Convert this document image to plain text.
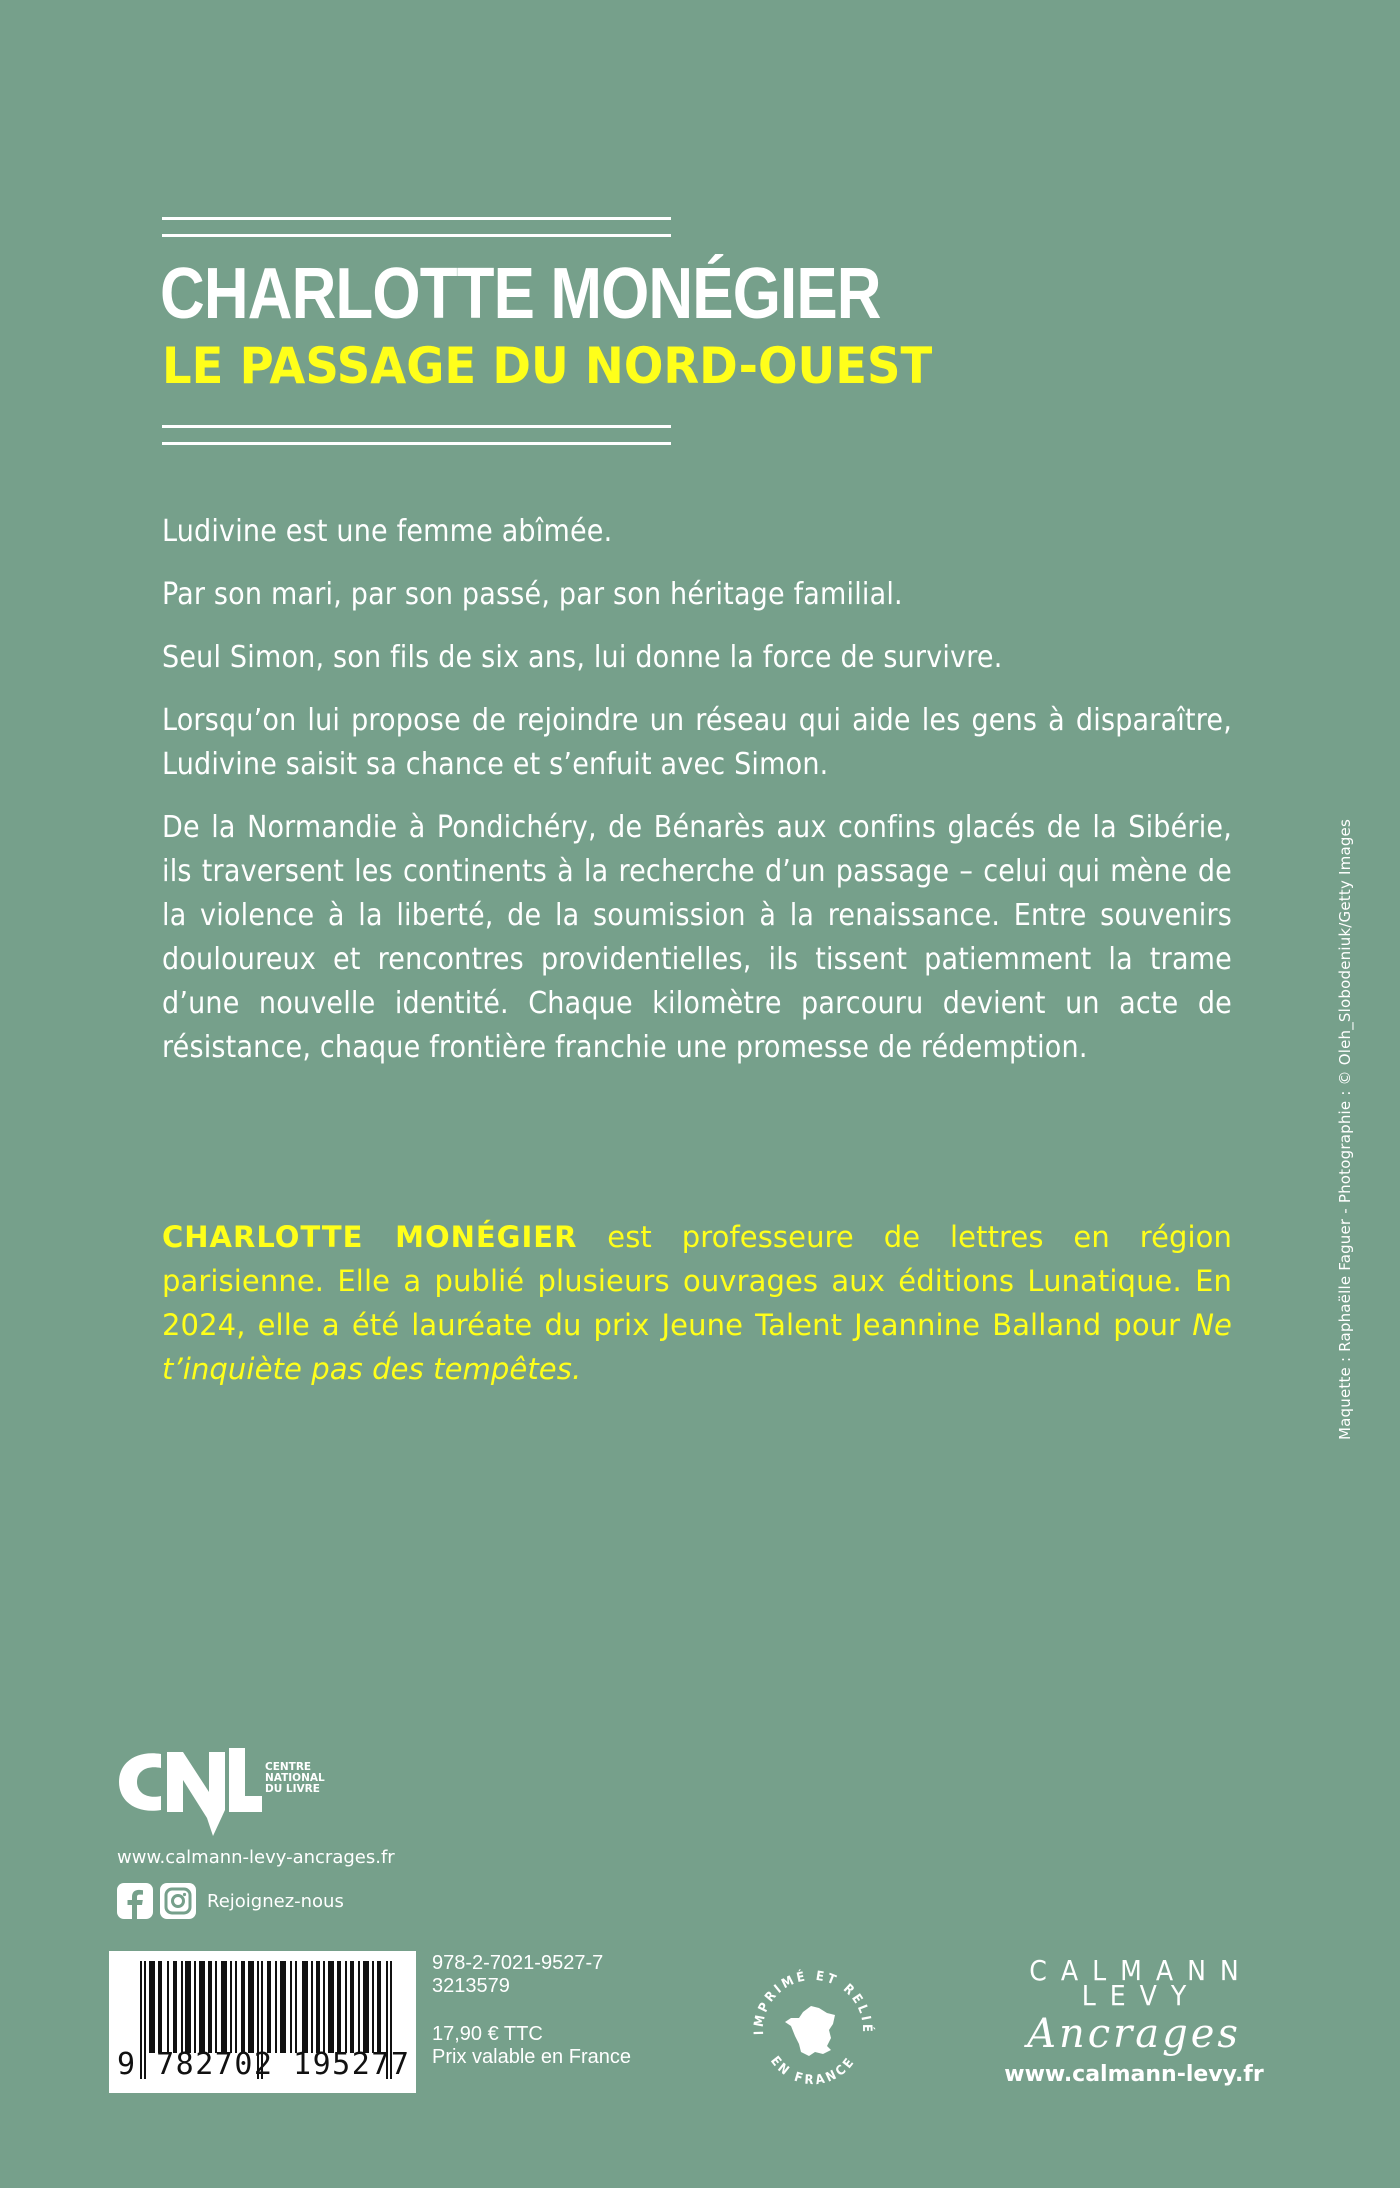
CHARLOTTE MONÉGIER
LE PASSAGE DU NORD-OUEST

Ludivine est une femme abîmée.

Par son mari, par son passé, par son héritage familial.

Seul Simon, son fils de six ans, lui donne la force de survivre.

Lorsqu’on lui propose de rejoindre un réseau qui aide les gens à disparaître, Ludivine saisit sa chance et s’enfuit avec Simon.

De la Normandie à Pondichéry, de Bénarès aux confins glacés de la Sibérie, ils traversent les continents à la recherche d’un passage – celui qui mène de la violence à la liberté, de la soumission à la renaissance. Entre souvenirs douloureux et rencontres providentielles, ils tissent patiemment la trame d’une nouvelle identité. Chaque kilomètre parcouru devient un acte de résistance, chaque frontière franchie une promesse de rédemption.

CHARLOTTE MONÉGIER est professeure de lettres en région parisienne. Elle a publié plusieurs ouvrages aux éditions Lunatique. En 2024, elle a été lauréate du prix Jeune Talent Jeannine Balland pour Ne t’inquiète pas des tempêtes.	Maquette : Raphaëlle Faguer - Photographie : © Oleh_Slobodeniuk/Getty Images
CENTRE
NATIONAL
DU LIVRE
www.calmann-levy-ancrages.fr
Rejoignez-nous
9 782702 195277
978-2-7021-9527-7
3213579
17,90 € TTC
Prix valable en France
IMPRIMÉ ET RELIÉ
EN FRANCE
CALMANN
LEVY
Ancrages
www.calmann-levy.fr
